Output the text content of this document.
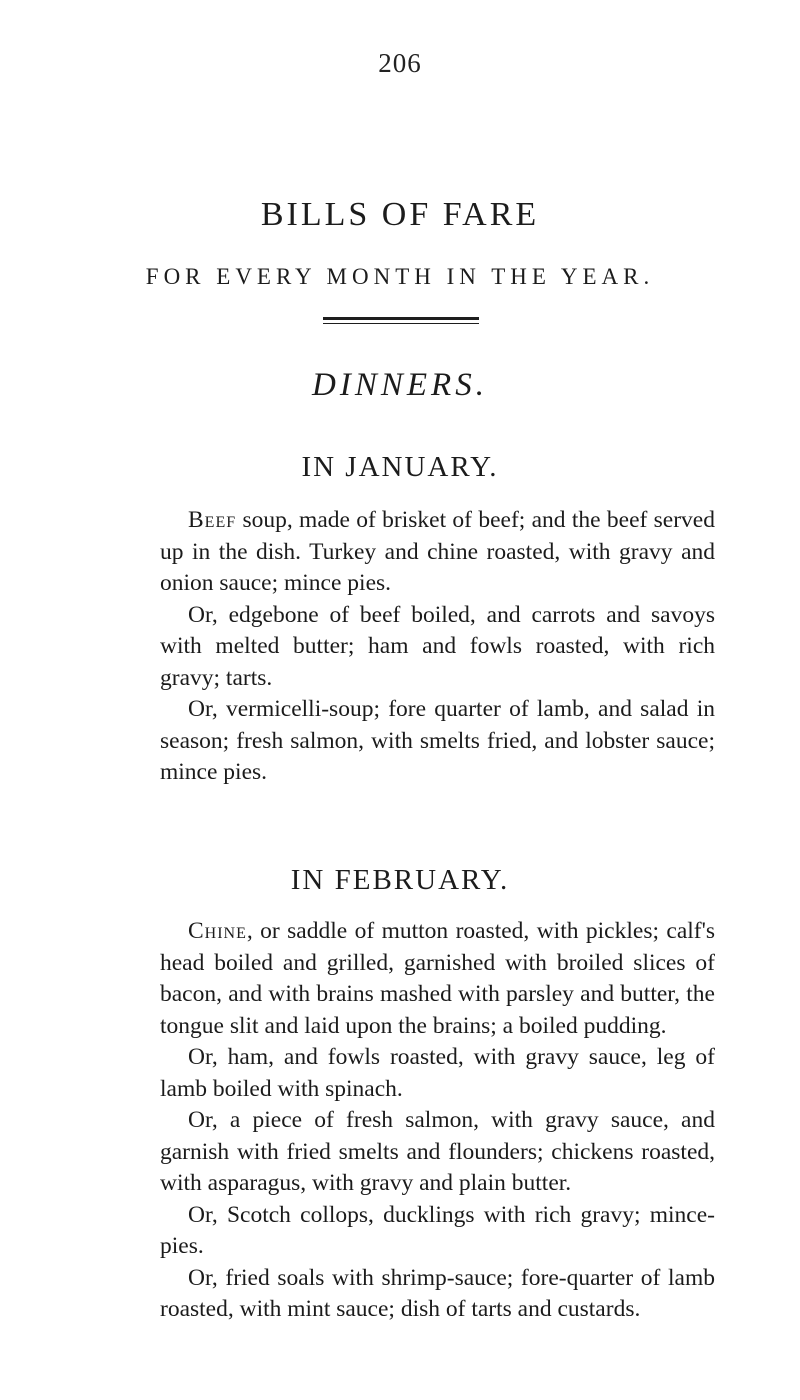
206
BILLS OF FARE
FOR EVERY MONTH IN THE YEAR.
DINNERS.
IN JANUARY.

Beef soup, made of brisket of beef; and the beef served up in the dish. Turkey and chine roasted, with gravy and onion sauce; mince pies.

Or, edgebone of beef boiled, and carrots and savoys with melted butter; ham and fowls roasted, with rich gravy; tarts.

Or, vermicelli-soup; fore quarter of lamb, and salad in season; fresh salmon, with smelts fried, and lobster sauce; mince pies.

IN FEBRUARY.

Chine, or saddle of mutton roasted, with pickles; calf's head boiled and grilled, garnished with broiled slices of bacon, and with brains mashed with parsley and butter, the tongue slit and laid upon the brains; a boiled pudding.

Or, ham, and fowls roasted, with gravy sauce, leg of lamb boiled with spinach.

Or, a piece of fresh salmon, with gravy sauce, and garnish with fried smelts and flounders; chickens roasted, with asparagus, with gravy and plain butter.

Or, Scotch collops, ducklings with rich gravy; mince-pies.

Or, fried soals with shrimp-sauce; fore-quarter of lamb roasted, with mint sauce; dish of tarts and custards.
